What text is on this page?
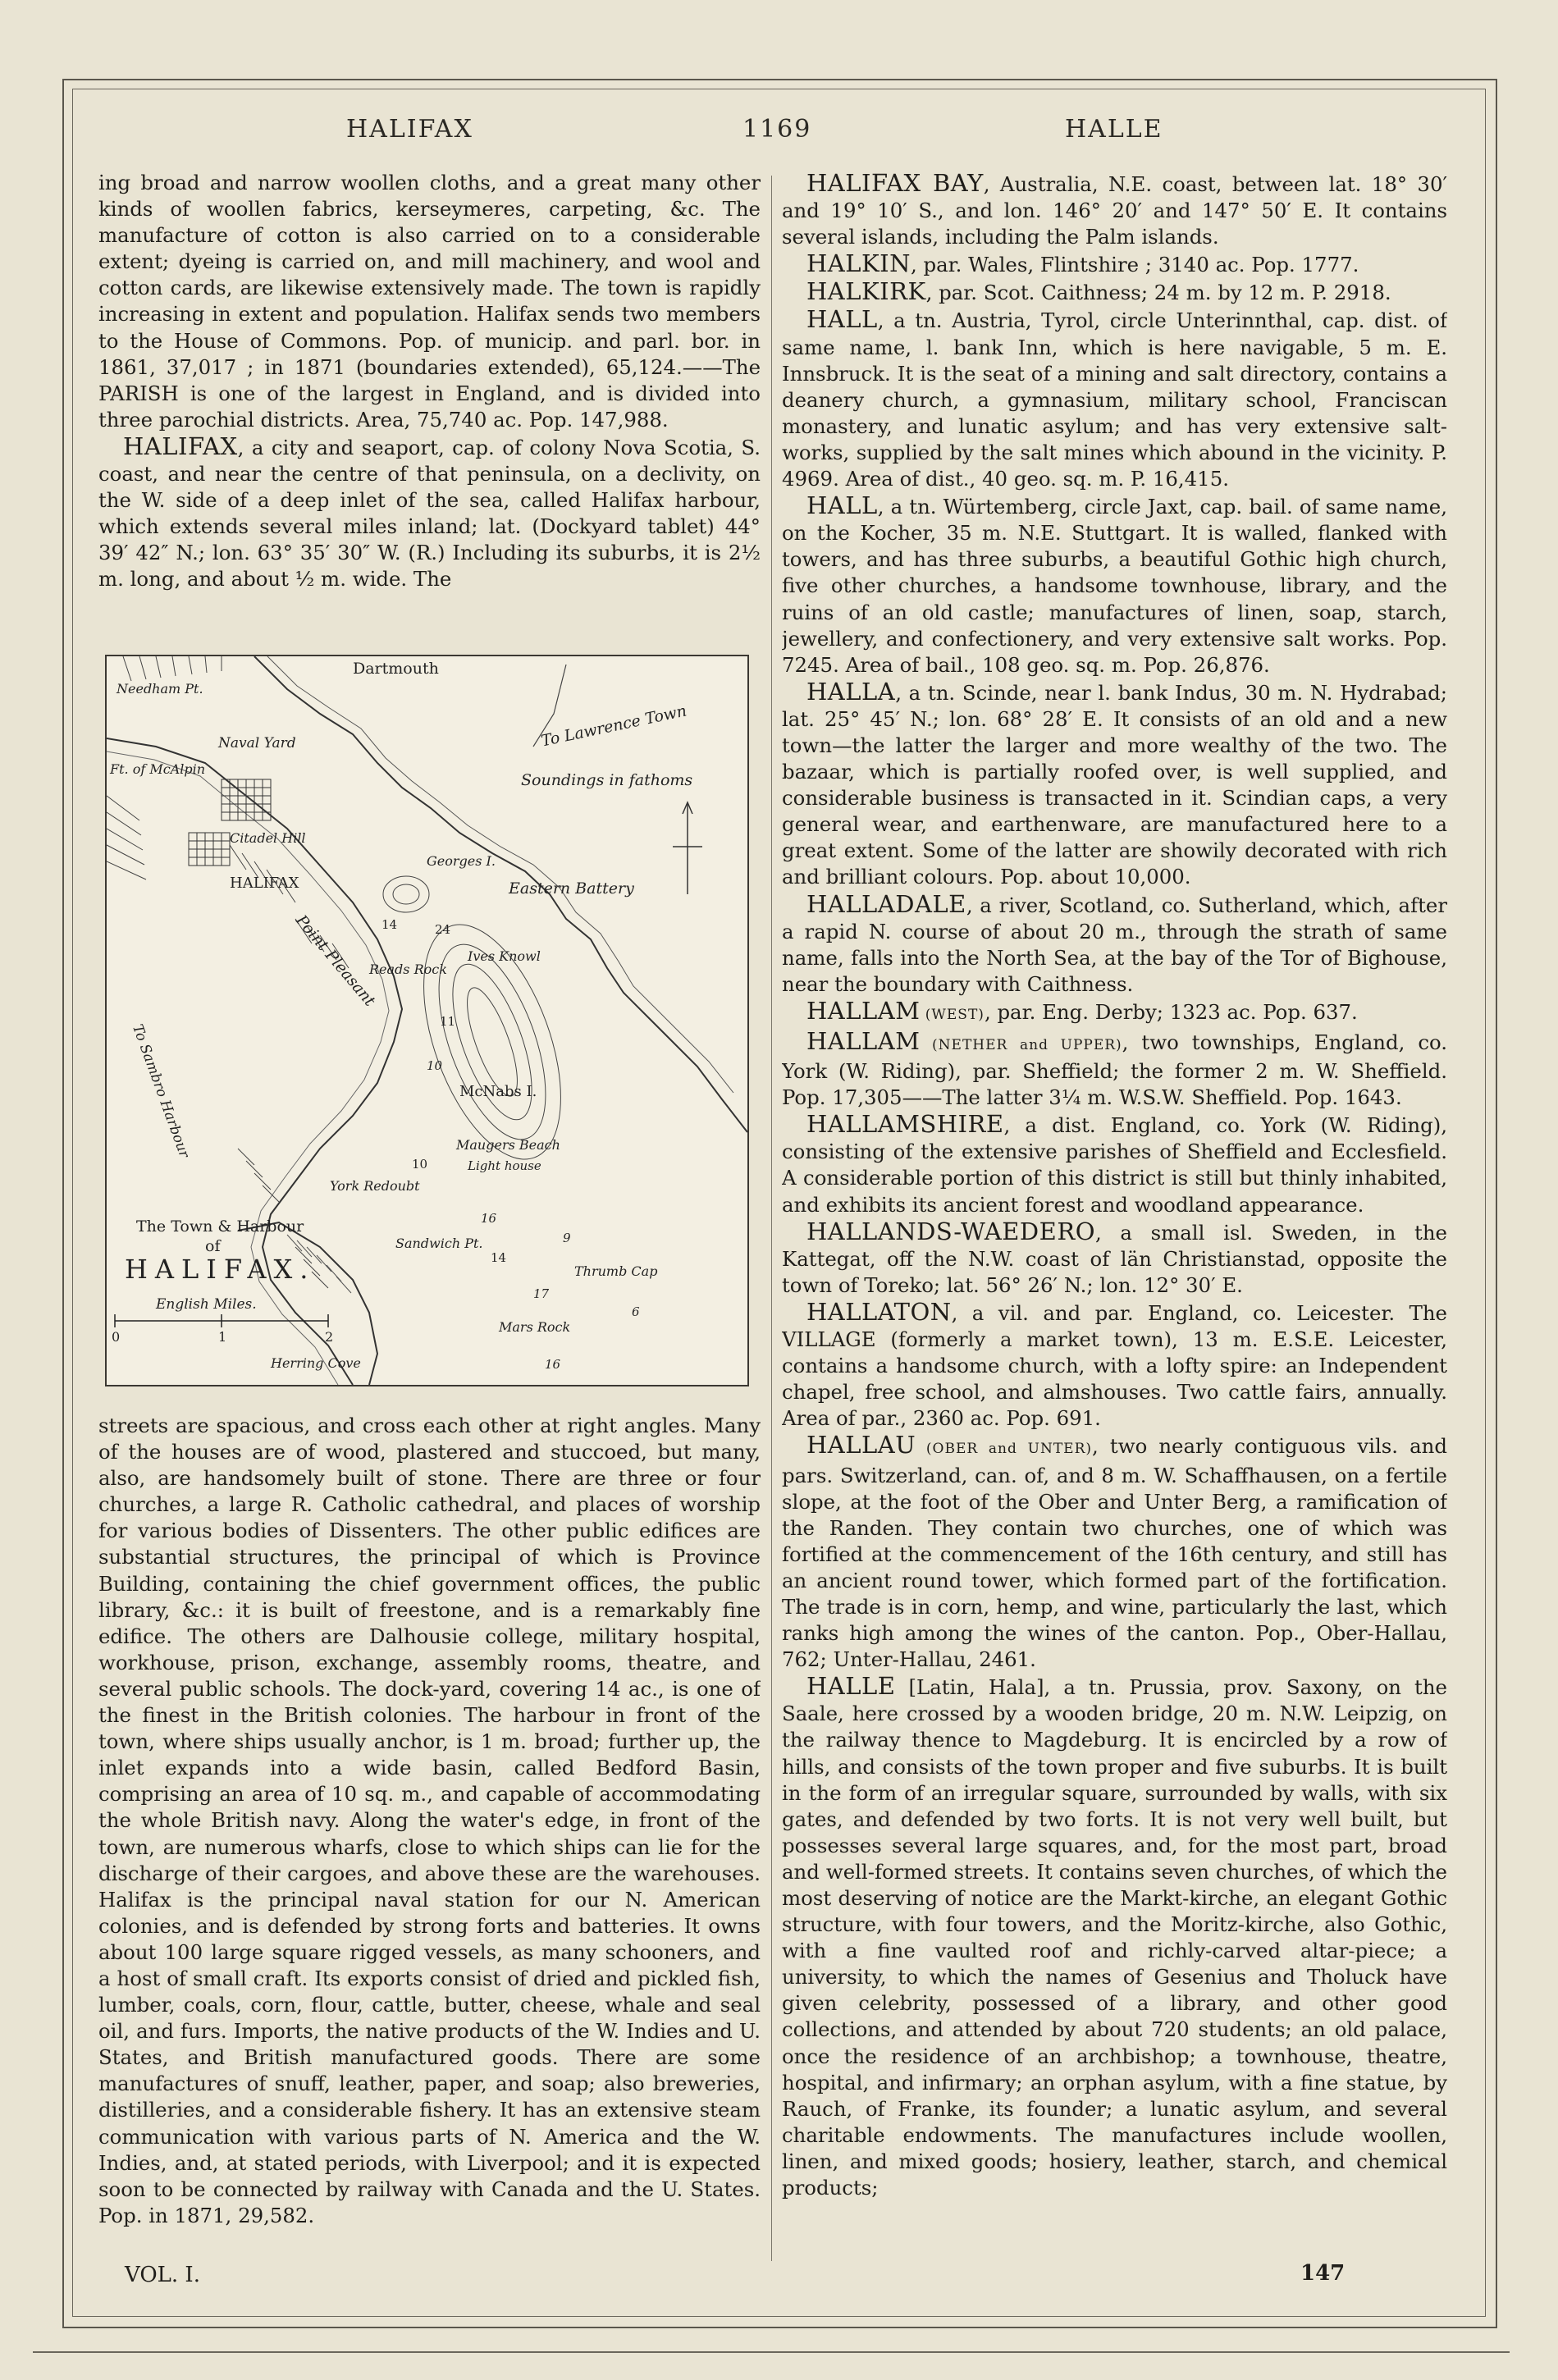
HALIFAX	1169	HALLE

ing broad and narrow woollen cloths, and a great many other kinds of woollen fabrics, kerseymeres, carpeting, &c. The manufacture of cotton is also carried on to a considerable extent; dyeing is carried on, and mill machinery, and wool and cotton cards, are likewise extensively made. The town is rapidly increasing in extent and population. Halifax sends two members to the House of Commons. Pop. of municip. and parl. bor. in 1861, 37,017 ; in 1871 (boundaries extended), 65,124.——The PARISH is one of the largest in England, and is divided into three parochial districts. Area, 75,740 ac. Pop. 147,988.

HALIFAX, a city and seaport, cap. of colony Nova Scotia, S. coast, and near the centre of that peninsula, on a declivity, on the W. side of a deep inlet of the sea, called Halifax harbour, which extends several miles inland; lat. (Dockyard tablet) 44° 39′ 42″ N.; lon. 63° 35′ 30″ W. (R.) Including its suburbs, it is 2½ m. long, and about ½ m. wide. The

Dartmouth
Needham Pt.
Naval Yard
Ft. of McAlpin
To Lawrence Town
Soundings in fathoms
Citadel Hill
HALIFAX
Georges I.
Eastern Battery
Reads Rock
Ives Knowl
Point Pleasant
To Sambro Harbour	McNabs I.
Maugers Beach
Light house
York Redoubt
Sandwich Pt.
Thrumb Cap
Mars Rock
Herring Cove
14
10
24
11
10
16
9
14
17
6
16
The Town & Harbour
of
HALIFAX.
English Miles.
0	1	2

streets are spacious, and cross each other at right angles. Many of the houses are of wood, plastered and stuccoed, but many, also, are handsomely built of stone. There are three or four churches, a large R. Catholic cathedral, and places of worship for various bodies of Dissenters. The other public edifices are substantial structures, the principal of which is Province Building, containing the chief government offices, the public library, &c.: it is built of freestone, and is a remarkably fine edifice. The others are Dalhousie college, military hospital, workhouse, prison, exchange, assembly rooms, theatre, and several public schools. The dock-yard, covering 14 ac., is one of the finest in the British colonies. The harbour in front of the town, where ships usually anchor, is 1 m. broad; further up, the inlet expands into a wide basin, called Bedford Basin, comprising an area of 10 sq. m., and capable of accommodating the whole British navy. Along the water's edge, in front of the town, are numerous wharfs, close to which ships can lie for the discharge of their cargoes, and above these are the warehouses. Halifax is the principal naval station for our N. American colonies, and is defended by strong forts and batteries. It owns about 100 large square rigged vessels, as many schooners, and a host of small craft. Its exports consist of dried and pickled fish, lumber, coals, corn, flour, cattle, butter, cheese, whale and seal oil, and furs. Imports, the native products of the W. Indies and U. States, and British manufactured goods. There are some manufactures of snuff, leather, paper, and soap; also breweries, distilleries, and a considerable fishery. It has an extensive steam communication with various parts of N. America and the W. Indies, and, at stated periods, with Liverpool; and it is expected soon to be connected by railway with Canada and the U. States. Pop. in 1871, 29,582.

HALIFAX BAY, Australia, N.E. coast, between lat. 18° 30′ and 19° 10′ S., and lon. 146° 20′ and 147° 50′ E. It contains several islands, including the Palm islands.

HALKIN, par. Wales, Flintshire ; 3140 ac. Pop. 1777.

HALKIRK, par. Scot. Caithness; 24 m. by 12 m. P. 2918.

HALL, a tn. Austria, Tyrol, circle Unterinnthal, cap. dist. of same name, l. bank Inn, which is here navigable, 5 m. E. Innsbruck. It is the seat of a mining and salt directory, contains a deanery church, a gymnasium, military school, Franciscan monastery, and lunatic asylum; and has very extensive salt-works, supplied by the salt mines which abound in the vicinity. P. 4969. Area of dist., 40 geo. sq. m. P. 16,415.

HALL, a tn. Würtemberg, circle Jaxt, cap. bail. of same name, on the Kocher, 35 m. N.E. Stuttgart. It is walled, flanked with towers, and has three suburbs, a beautiful Gothic high church, five other churches, a handsome townhouse, library, and the ruins of an old castle; manufactures of linen, soap, starch, jewellery, and confectionery, and very extensive salt works. Pop. 7245. Area of bail., 108 geo. sq. m. Pop. 26,876.

HALLA, a tn. Scinde, near l. bank Indus, 30 m. N. Hydrabad; lat. 25° 45′ N.; lon. 68° 28′ E. It consists of an old and a new town—the latter the larger and more wealthy of the two. The bazaar, which is partially roofed over, is well supplied, and considerable business is transacted in it. Scindian caps, a very general wear, and earthenware, are manufactured here to a great extent. Some of the latter are showily decorated with rich and brilliant colours. Pop. about 10,000.

HALLADALE, a river, Scotland, co. Sutherland, which, after a rapid N. course of about 20 m., through the strath of same name, falls into the North Sea, at the bay of the Tor of Bighouse, near the boundary with Caithness.

HALLAM (WEST), par. Eng. Derby; 1323 ac. Pop. 637.

HALLAM (NETHER and UPPER), two townships, England, co. York (W. Riding), par. Sheffield; the former 2 m. W. Sheffield. Pop. 17,305——The latter 3¼ m. W.S.W. Sheffield. Pop. 1643.

HALLAMSHIRE, a dist. England, co. York (W. Riding), consisting of the extensive parishes of Sheffield and Ecclesfield. A considerable portion of this district is still but thinly inhabited, and exhibits its ancient forest and woodland appearance.

HALLANDS-WAEDERO, a small isl. Sweden, in the Kattegat, off the N.W. coast of län Christianstad, opposite the town of Toreko; lat. 56° 26′ N.; lon. 12° 30′ E.

HALLATON, a vil. and par. England, co. Leicester. The VILLAGE (formerly a market town), 13 m. E.S.E. Leicester, contains a handsome church, with a lofty spire: an Independent chapel, free school, and almshouses. Two cattle fairs, annually. Area of par., 2360 ac. Pop. 691.

HALLAU (OBER and UNTER), two nearly contiguous vils. and pars. Switzerland, can. of, and 8 m. W. Schaffhausen, on a fertile slope, at the foot of the Ober and Unter Berg, a ramification of the Randen. They contain two churches, one of which was fortified at the commencement of the 16th century, and still has an ancient round tower, which formed part of the fortification. The trade is in corn, hemp, and wine, particularly the last, which ranks high among the wines of the canton. Pop., Ober-Hallau, 762; Unter-Hallau, 2461.

HALLE [Latin, Hala], a tn. Prussia, prov. Saxony, on the Saale, here crossed by a wooden bridge, 20 m. N.W. Leipzig, on the railway thence to Magdeburg. It is encircled by a row of hills, and consists of the town proper and five suburbs. It is built in the form of an irregular square, surrounded by walls, with six gates, and defended by two forts. It is not very well built, but possesses several large squares, and, for the most part, broad and well-formed streets. It contains seven churches, of which the most deserving of notice are the Markt-kirche, an elegant Gothic structure, with four towers, and the Moritz-kirche, also Gothic, with a fine vaulted roof and richly-carved altar-piece; a university, to which the names of Gesenius and Tholuck have given celebrity, possessed of a library, and other good collections, and attended by about 720 students; an old palace, once the residence of an archbishop; a townhouse, theatre, hospital, and infirmary; an orphan asylum, with a fine statue, by Rauch, of Franke, its founder; a lunatic asylum, and several charitable endowments. The manufactures include woollen, linen, and mixed goods; hosiery, leather, starch, and chemical products;

VOL. I.	147
